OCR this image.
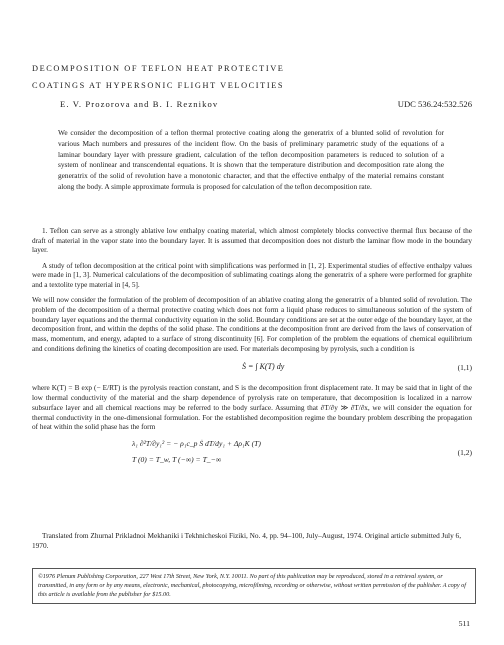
DECOMPOSITION OF TEFLON HEAT PROTECTIVE
COATINGS AT HYPERSONIC FLIGHT VELOCITIES
E. V. Prozorova and B. I. Reznikov	UDC 536.24:532.526

We consider the decomposition of a teflon thermal protective coating along the generatrix of a blunted solid of revolution for various Mach numbers and pressures of the incident flow. On the basis of preliminary parametric study of the equations of a laminar boundary layer with pressure gradient, calculation of the teflon decomposition parameters is reduced to solution of a system of nonlinear and transcendental equations. It is shown that the temperature distribution and decomposition rate along the generatrix of the solid of revolution have a monotonic character, and that the effective enthalpy of the material remains constant along the body. A simple approximate formula is proposed for calculation of the teflon decomposition rate.

1. Teflon can serve as a strongly ablative low enthalpy coating material, which almost completely blocks convective thermal flux because of the draft of material in the vapor state into the boundary layer. It is assumed that decomposition does not disturb the laminar flow mode in the boundary layer.

A study of teflon decomposition at the critical point with simplifications was performed in [1, 2]. Experimental studies of effective enthalpy values were made in [1, 3]. Numerical calculations of the decomposition of sublimating coatings along the generatrix of a sphere were performed for graphite and a textolite type material in [4, 5].

We will now consider the formulation of the problem of decomposition of an ablative coating along the generatrix of a blunted solid of revolution. The problem of the decomposition of a thermal protective coating which does not form a liquid phase reduces to simultaneous solution of the system of boundary layer equations and the thermal conductivity equation in the solid. Boundary conditions are set at the outer edge of the boundary layer, at the decomposition front, and within the depths of the solid phase. The conditions at the decomposition front are derived from the laws of conservation of mass, momentum, and energy, adapted to a surface of strong discontinuity [6]. For completion of the problem the equations of chemical equilibrium and conditions defining the kinetics of coating decomposition are used. For materials decomposing by pyrolysis, such a condition is

Ṡ = ∫ K(T) dy	(1,1)

where K(T) = B exp (− E/RT) is the pyrolysis reaction constant, and S is the decomposition front displacement rate. It may be said that in light of the low thermal conductivity of the material and the sharp dependence of pyrolysis rate on temperature, that decomposition is localized in a narrow subsurface layer and all chemical reactions may be referred to the body surface. Assuming that ∂T/∂y ≫ ∂T/∂x, we will consider the equation for thermal conductivity in the one-dimensional formulation. For the established decomposition regime the boundary problem describing the propagation of heat within the solid phase has the form

λ₁ ∂²T/∂y₁² = − ρ₁c_p Ṡ dT/dy₁ + Δρ₁K (T)
T (0) = T_w, T (−∞) = T_−∞
(1,2)

Translated from Zhurnal Prikladnoi Mekhaniki i Tekhnicheskoi Fiziki, No. 4, pp. 94–100, July–August, 1974. Original article submitted July 6, 1970.

©1976 Plenum Publishing Corporation, 227 West 17th Street, New York, N.Y. 10011. No part of this publication may be reproduced, stored in a retrieval system, or transmitted, in any form or by any means, electronic, mechanical, photocopying, microfilming, recording or otherwise, without written permission of the publisher. A copy of this article is available from the publisher for $15.00.
511
